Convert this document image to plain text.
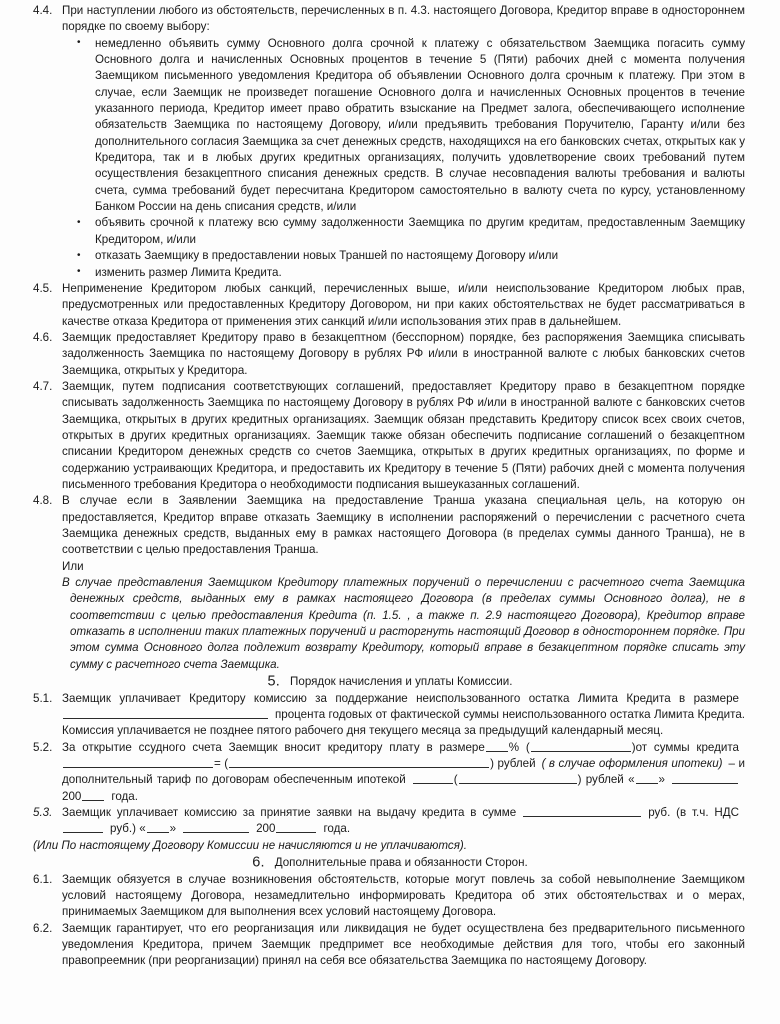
4.4. При наступлении любого из обстоятельств, перечисленных в п. 4.3. настоящего Договора, Кредитор вправе в одностороннем порядке по своему выбору:

• немедленно объявить сумму Основного долга срочной к платежу с обязательством Заемщика погасить сумму Основного долга и начисленных Основных процентов в течение 5 (Пяти) рабочих дней с момента получения Заемщиком письменного уведомления Кредитора об объявлении Основного долга срочным к платежу. При этом в случае, если Заемщик не произведет погашение Основного долга и начисленных Основных процентов в течение указанного периода, Кредитор имеет право обратить взыскание на Предмет залога, обеспечивающего исполнение обязательств Заемщика по настоящему Договору, и/или предъявить требования Поручителю, Гаранту и/или без дополнительного согласия Заемщика за счет денежных средств, находящихся на его банковских счетах, открытых как у Кредитора, так и в любых других кредитных организациях, получить удовлетворение своих требований путем осуществления безакцептного списания денежных средств. В случае несовпадения валюты требования и валюты счета, сумма требований будет пересчитана Кредитором самостоятельно в валюту счета по курсу, установленному Банком России на день списания средств, и/или
• объявить срочной к платежу всю сумму задолженности Заемщика по другим кредитам, предоставленным Заемщику Кредитором, и/или
• отказать Заемщику в предоставлении новых Траншей по настоящему Договору и/или
• изменить размер Лимита Кредита.

4.5. Неприменение Кредитором любых санкций, перечисленных выше, и/или неиспользование Кредитором любых прав, предусмотренных или предоставленных Кредитору Договором, ни при каких обстоятельствах не будет рассматриваться в качестве отказа Кредитора от применения этих санкций и/или использования этих прав в дальнейшем.

4.6. Заемщик предоставляет Кредитору право в безакцептном (бесспорном) порядке, без распоряжения Заемщика списывать задолженность Заемщика по настоящему Договору в рублях РФ и/или в иностранной валюте с любых банковских счетов Заемщика, открытых у Кредитора.

4.7. Заемщик, путем подписания соответствующих соглашений, предоставляет Кредитору право в безакцептном порядке списывать задолженность Заемщика по настоящему Договору в рублях РФ и/или в иностранной валюте с банковских счетов Заемщика, открытых в других кредитных организациях. Заемщик обязан представить Кредитору список всех своих счетов, открытых в других кредитных организациях. Заемщик также обязан обеспечить подписание соглашений о безакцептном списании Кредитором денежных средств со счетов Заемщика, открытых в других кредитных организациях, по форме и содержанию устраивающих Кредитора, и предоставить их Кредитору в течение 5 (Пяти) рабочих дней с момента получения письменного требования Кредитора о необходимости подписания вышеуказанных соглашений.

4.8. В случае если в Заявлении Заемщика на предоставление Транша указана специальная цель, на которую он предоставляется, Кредитор вправе отказать Заемщику в исполнении распоряжений о перечислении с расчетного счета Заемщика денежных средств, выданных ему в рамках настоящего Договора (в пределах суммы данного Транша), не в соответствии с целью предоставления Транша.

Или

В случае представления Заемщиком Кредитору платежных поручений о перечислении с расчетного счета Заемщика денежных средств, выданных ему в рамках настоящего Договора (в пределах суммы Основного долга), не в соответствии с целью предоставления Кредита (п. 1.5. , а также п. 2.9 настоящего Договора), Кредитор вправе отказать в исполнении таких платежных поручений и расторгнуть настоящий Договор в одностороннем порядке. При этом сумма Основного долга подлежит возврату Кредитору, который вправе в безакцептном порядке списать эту сумму с расчетного счета Заемщика.

5. Порядок начисления и уплаты Комиссии.

5.1. Заемщик уплачивает Кредитору комиссию за поддержание неиспользованного остатка Лимита Кредита в размерепроцента годовых от фактической суммы неиспользованного остатка Лимита Кредита. Комиссия уплачивается не позднее пятого рабочего дня текущего месяца за предыдущий календарный месяц.

5.2. За открытие ссудного счета Заемщик вносит кредитору плату в размере % (	)от суммы кредита= (	) рублей ( в случае оформления ипотеки) – и дополнительный тариф по договорам обеспеченным ипотекой	(	) рублей « »200	года.

5.3. Заемщик уплачивает комиссию за принятие заявки на выдачу кредита в сумме	руб. (в т.ч. НДСруб.) « »	200	года.

(Или По настоящему Договору Комиссии не начисляются и не уплачиваются).

6. Дополнительные права и обязанности Сторон.

6.1. Заемщик обязуется в случае возникновения обстоятельств, которые могут повлечь за собой невыполнение Заемщиком условий настоящему Договора, незамедлительно информировать Кредитора об этих обстоятельствах и о мерах, принимаемых Заемщиком для выполнения всех условий настоящему Договора.

6.2. Заемщик гарантирует, что его реорганизация или ликвидация не будет осуществлена без предварительного письменного уведомления Кредитора, причем Заемщик предпримет все необходимые действия для того, чтобы его законный правопреемник (при реорганизации) принял на себя все обязательства Заемщика по настоящему Договору.
